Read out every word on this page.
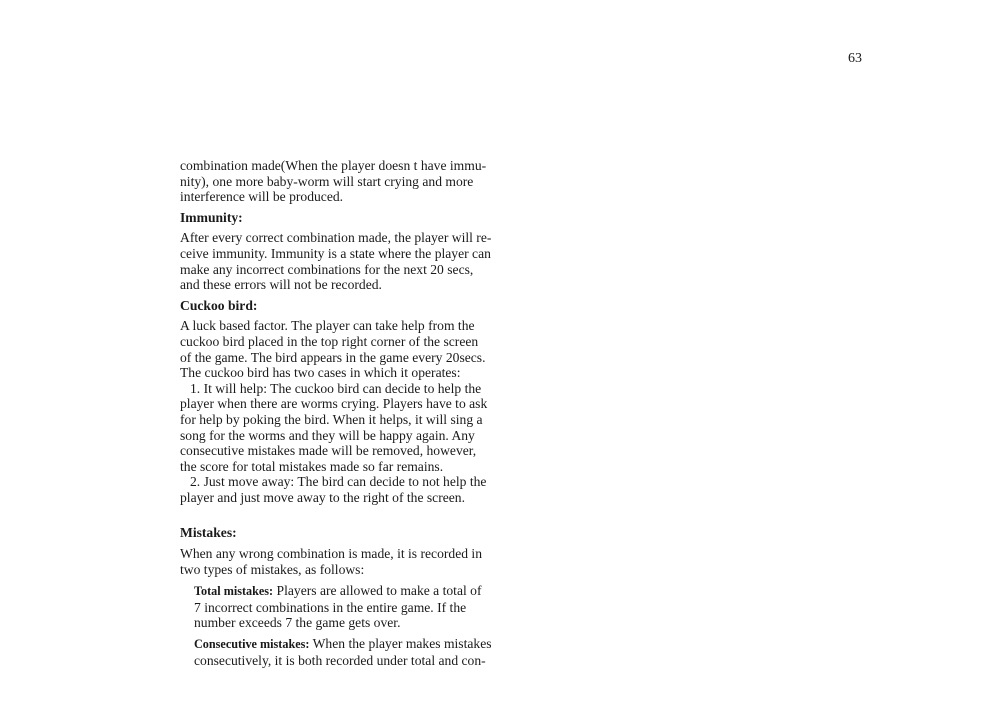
63
combination made(When the player doesn t have immu-
nity), one more baby-worm will start crying and more
interference will be produced.
Immunity:
After every correct combination made, the player will re-
ceive immunity. Immunity is a state where the player can
make any incorrect combinations for the next 20 secs,
and these errors will not be recorded.
Cuckoo bird:
A luck based factor. The player can take help from the
cuckoo bird placed in the top right corner of the screen
of the game. The bird appears in the game every 20secs.
The cuckoo bird has two cases in which it operates:
1. It will help: The cuckoo bird can decide to help the
player when there are worms crying. Players have to ask
for help by poking the bird. When it helps, it will sing a
song for the worms and they will be happy again. Any
consecutive mistakes made will be removed, however,
the score for total mistakes made so far remains.
2. Just move away: The bird can decide to not help the
player and just move away to the right of the screen.
Mistakes:
When any wrong combination is made, it is recorded in
two types of mistakes, as follows:
Total mistakes: Players are allowed to make a total of
7 incorrect combinations in the entire game. If the
number exceeds 7 the game gets over.
Consecutive mistakes: When the player makes mistakes
consecutively, it is both recorded under total and con-
